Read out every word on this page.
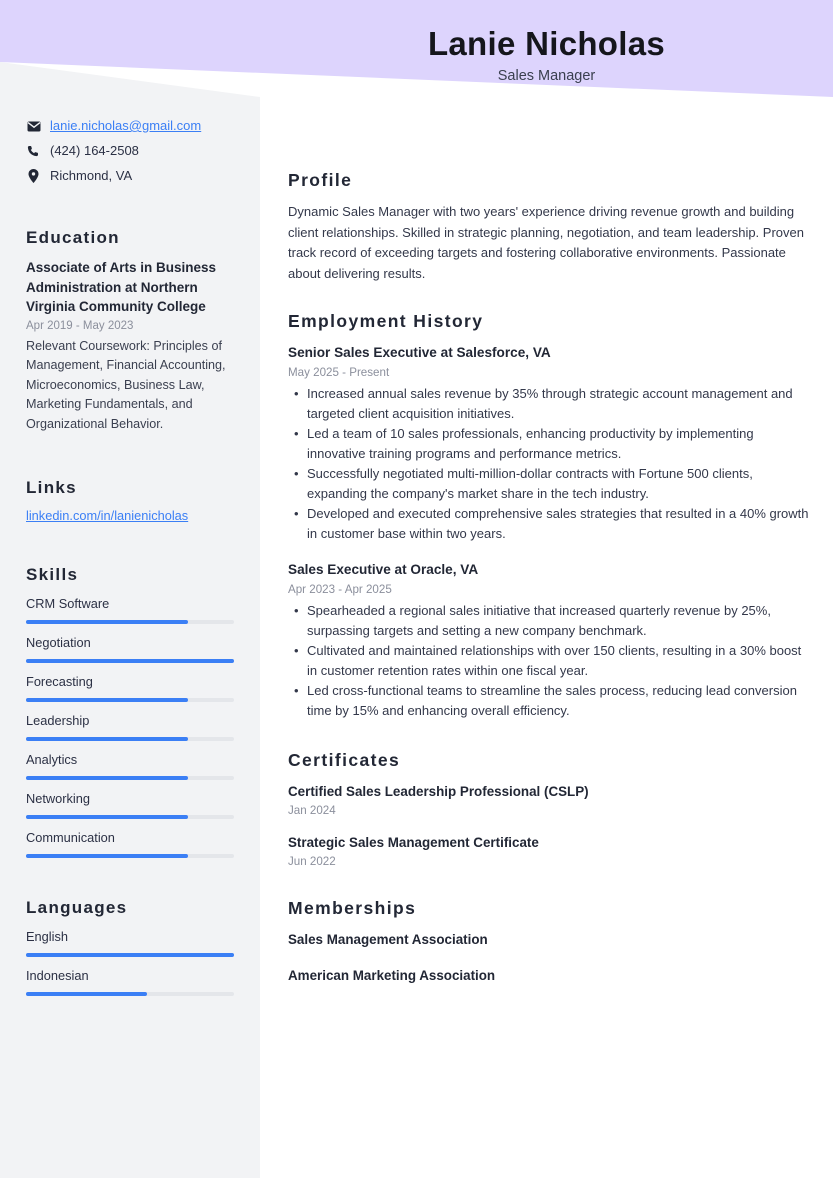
Lanie Nicholas
Sales Manager
lanie.nicholas@gmail.com
(424) 164-2508
Richmond, VA
Education
Associate of Arts in Business Administration at Northern Virginia Community College
Apr 2019 - May 2023
Relevant Coursework: Principles of Management, Financial Accounting, Microeconomics, Business Law, Marketing Fundamentals, and Organizational Behavior.
Links
linkedin.com/in/lanienicholas
Skills
CRM Software
Negotiation
Forecasting
Leadership
Analytics
Networking
Communication
Languages
English
Indonesian
Profile

Dynamic Sales Manager with two years' experience driving revenue growth and building client relationships. Skilled in strategic planning, negotiation, and team leadership. Proven track record of exceeding targets and fostering collaborative environments. Passionate about delivering results.

Employment History
Senior Sales Executive at Salesforce, VA
May 2025 - Present
• Increased annual sales revenue by 35% through strategic account management and targeted client acquisition initiatives.
• Led a team of 10 sales professionals, enhancing productivity by implementing innovative training programs and performance metrics.
• Successfully negotiated multi-million-dollar contracts with Fortune 500 clients, expanding the company's market share in the tech industry.
• Developed and executed comprehensive sales strategies that resulted in a 40% growth in customer base within two years.
Sales Executive at Oracle, VA
Apr 2023 - Apr 2025
• Spearheaded a regional sales initiative that increased quarterly revenue by 25%, surpassing targets and setting a new company benchmark.
• Cultivated and maintained relationships with over 150 clients, resulting in a 30% boost in customer retention rates within one fiscal year.
• Led cross-functional teams to streamline the sales process, reducing lead conversion time by 15% and enhancing overall efficiency.
Certificates
Certified Sales Leadership Professional (CSLP)
Jan 2024
Strategic Sales Management Certificate
Jun 2022
Memberships
Sales Management Association
American Marketing Association
